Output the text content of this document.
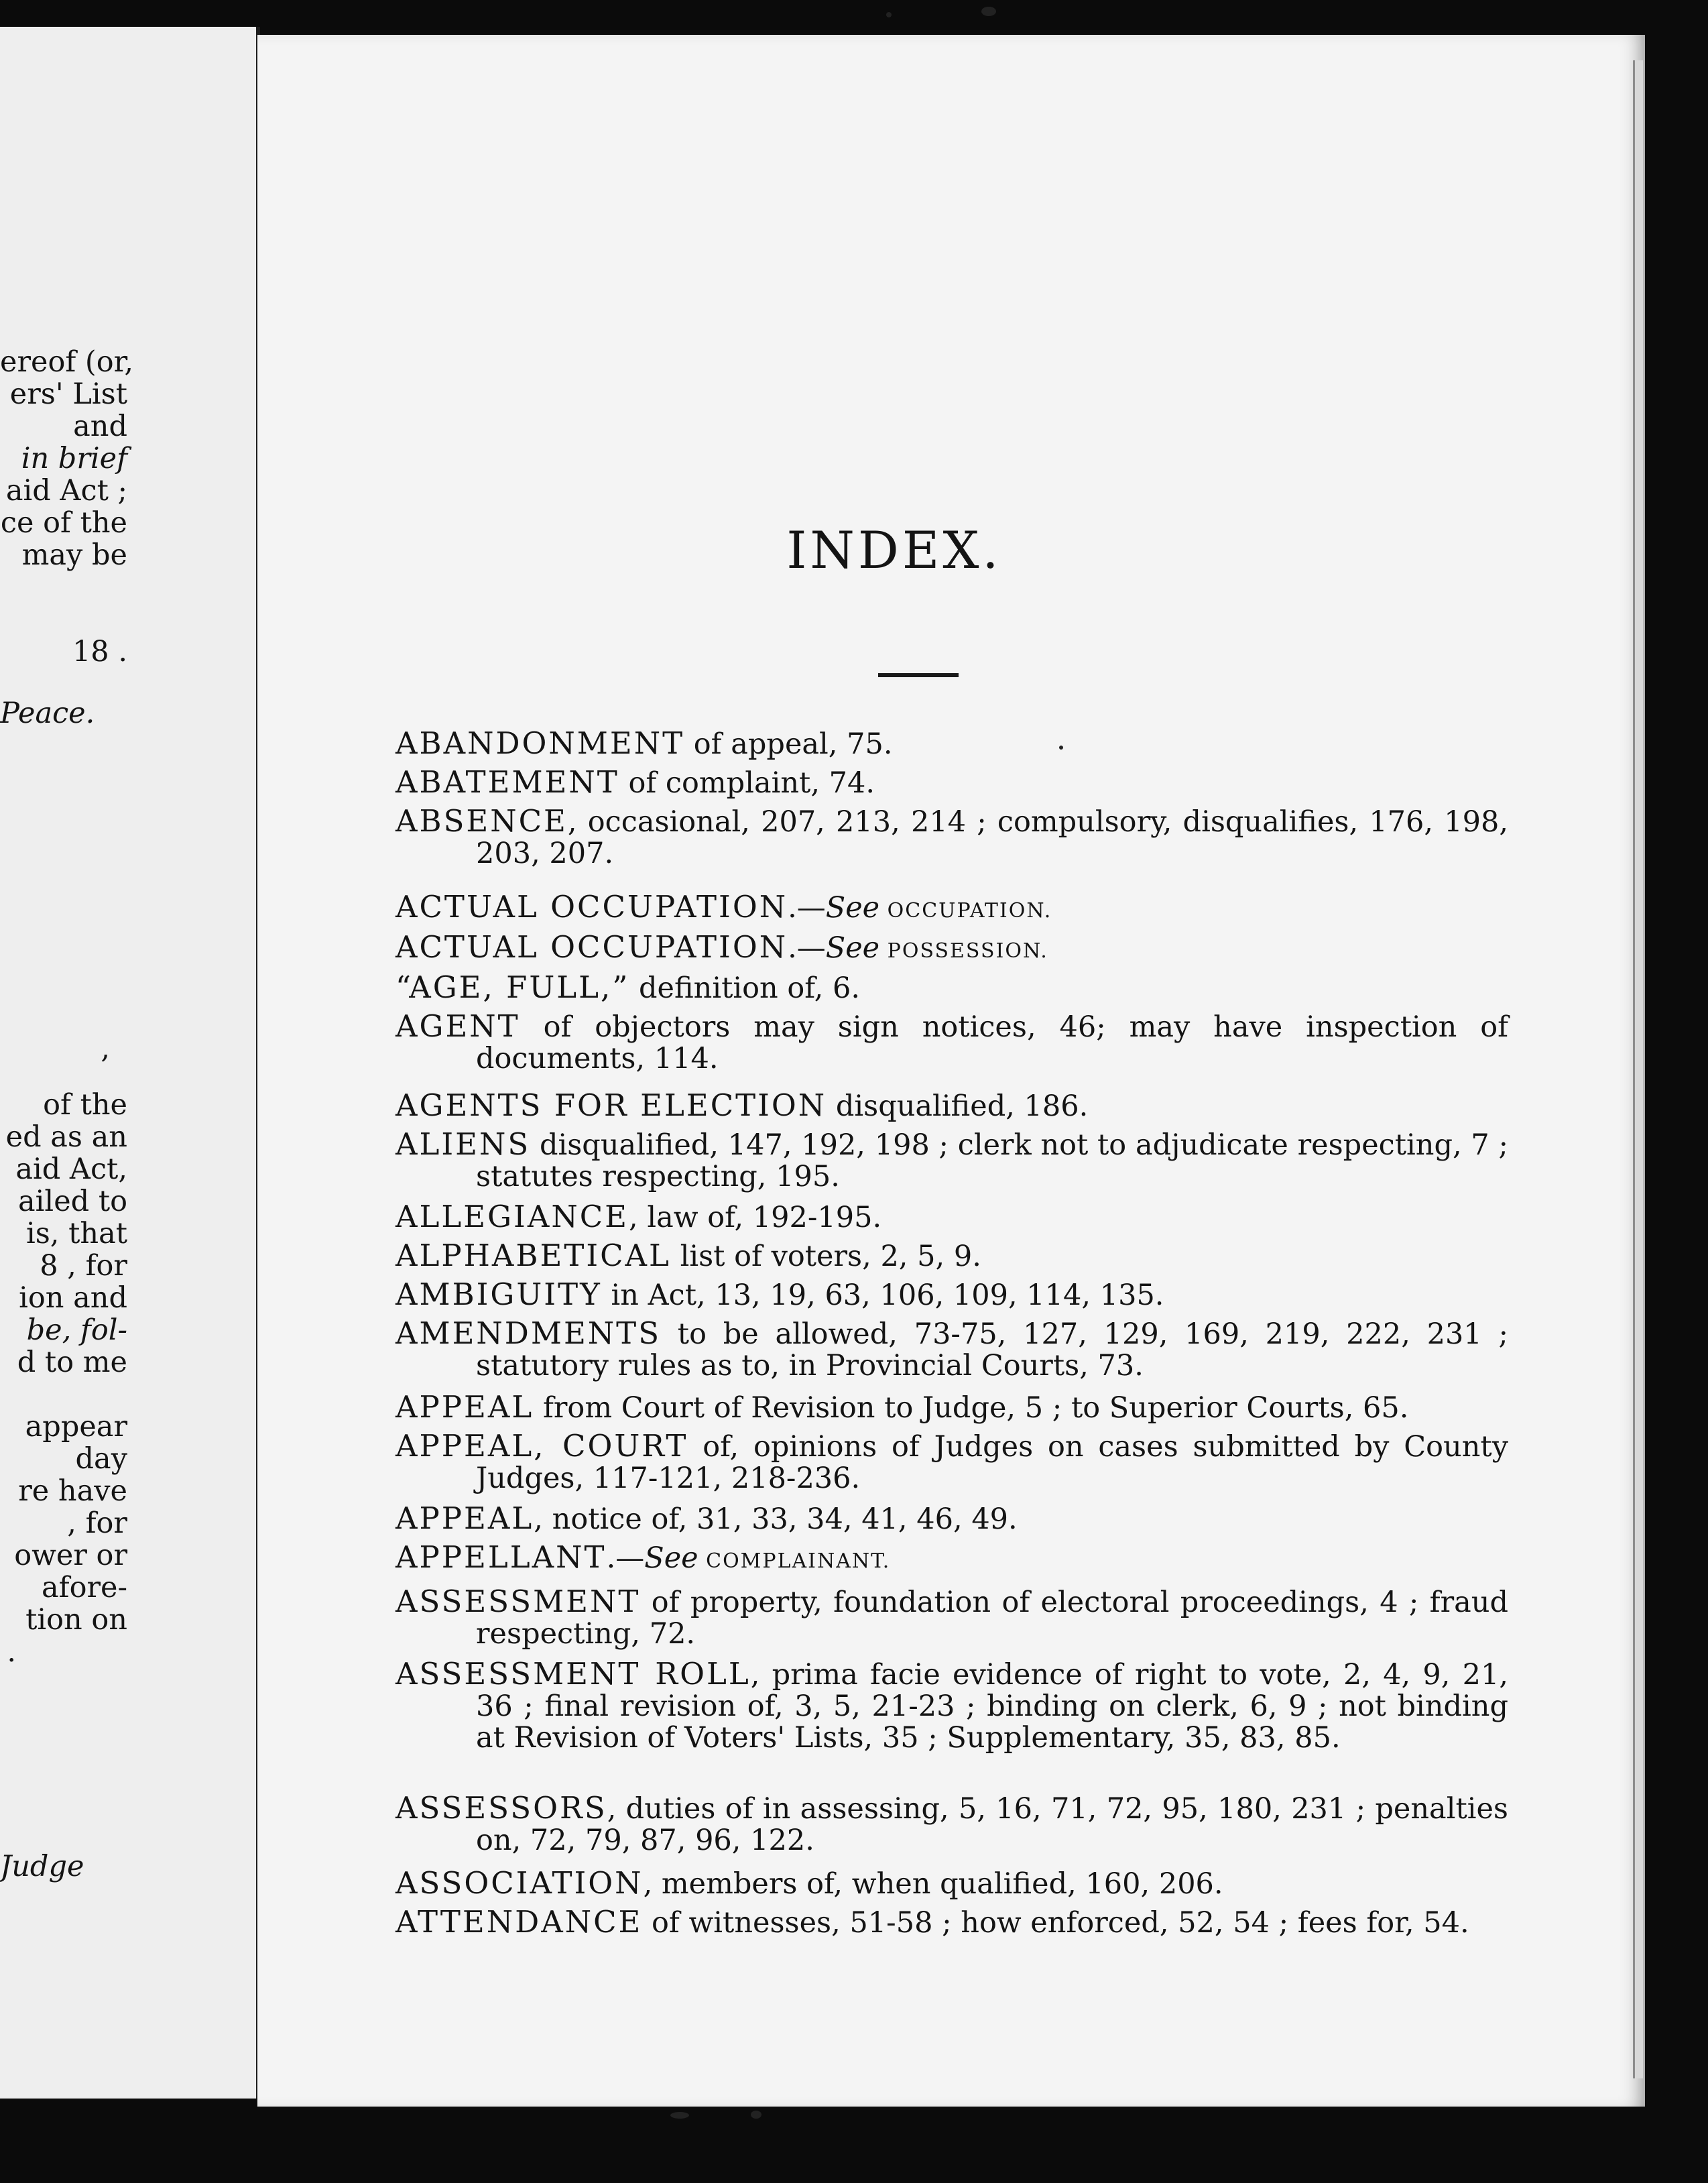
ereof (or,
ers' List
and
in brief
aid Act ;
ce of the
may be
18 .
Peace.
,
of the
ed as an
aid Act,
ailed to
is, that
8 , for
ion and
be, fol-
d to me
appear
day
re have
, for
ower or
afore-
tion on
.
Judge
INDEX.
ABANDONMENT of appeal, 75.
ABATEMENT of complaint, 74.
ABSENCE, occasional, 207, 213, 214 ; compulsory, disqualifies, 176, 198, 203, 207.
ACTUAL OCCUPATION.—See OCCUPATION.
ACTUAL OCCUPATION.—See POSSESSION.
“AGE, FULL,” definition of, 6.
AGENT of objectors may sign notices, 46; may have inspection of documents, 114.
AGENTS FOR ELECTION disqualified, 186.
ALIENS disqualified, 147, 192, 198 ; clerk not to adjudicate respecting, 7 ; statutes respecting, 195.
ALLEGIANCE, law of, 192-195.
ALPHABETICAL list of voters, 2, 5, 9.
AMBIGUITY in Act, 13, 19, 63, 106, 109, 114, 135.
AMENDMENTS to be allowed, 73-75, 127, 129, 169, 219, 222, 231 ; statutory rules as to, in Provincial Courts, 73.
APPEAL from Court of Revision to Judge, 5 ; to Superior Courts, 65.
APPEAL, COURT of, opinions of Judges on cases submitted by County Judges, 117-121, 218-236.
APPEAL, notice of, 31, 33, 34, 41, 46, 49.
APPELLANT.—See COMPLAINANT.
ASSESSMENT of property, foundation of electoral proceedings, 4 ; fraud respecting, 72.
ASSESSMENT ROLL, prima facie evidence of right to vote, 2, 4, 9, 21, 36 ; final revision of, 3, 5, 21-23 ; binding on clerk, 6, 9 ; not binding at Revision of Voters' Lists, 35 ; Supplementary, 35, 83, 85.
ASSESSORS, duties of in assessing, 5, 16, 71, 72, 95, 180, 231 ; penalties on, 72, 79, 87, 96, 122.
ASSOCIATION, members of, when qualified, 160, 206.
ATTENDANCE of witnesses, 51-58 ; how enforced, 52, 54 ; fees for, 54.
